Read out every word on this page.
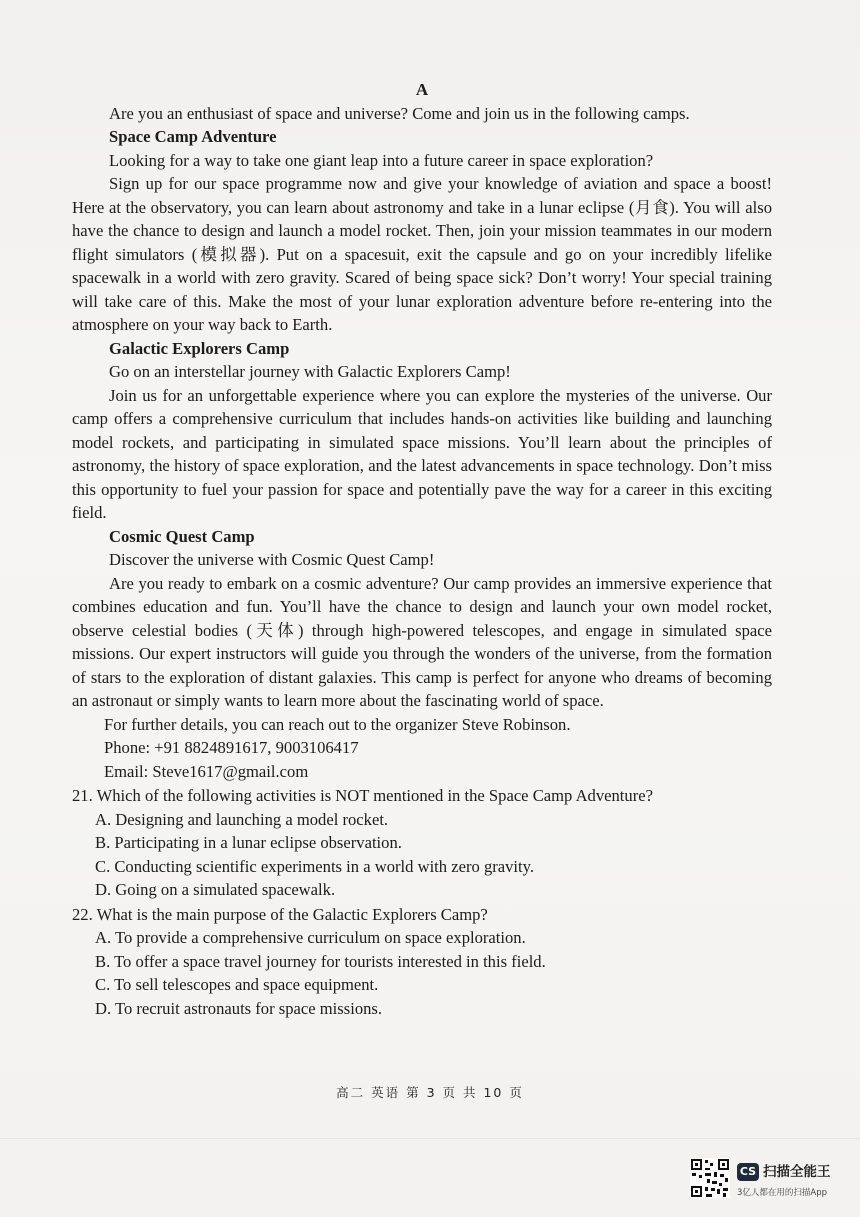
A

Are you an enthusiast of space and universe? Come and join us in the following camps.

Space Camp Adventure

Looking for a way to take one giant leap into a future career in space exploration?

Sign up for our space programme now and give your knowledge of aviation and space a boost! Here at the observatory, you can learn about astronomy and take in a lunar eclipse (月食). You will also have the chance to design and launch a model rocket. Then, join your mission teammates in our modern flight simulators (模拟器). Put on a spacesuit, exit the capsule and go on your incredibly lifelike spacewalk in a world with zero gravity. Scared of being space sick? Don’t worry! Your special training will take care of this. Make the most of your lunar exploration adventure before re-entering into the atmosphere on your way back to Earth.

Galactic Explorers Camp

Go on an interstellar journey with Galactic Explorers Camp!

Join us for an unforgettable experience where you can explore the mysteries of the universe. Our camp offers a comprehensive curriculum that includes hands-on activities like building and launching model rockets, and participating in simulated space missions. You’ll learn about the principles of astronomy, the history of space exploration, and the latest advancements in space technology. Don’t miss this opportunity to fuel your passion for space and potentially pave the way for a career in this exciting field.

Cosmic Quest Camp

Discover the universe with Cosmic Quest Camp!

Are you ready to embark on a cosmic adventure? Our camp provides an immersive experience that combines education and fun. You’ll have the chance to design and launch your own model rocket, observe celestial bodies (天体) through high-powered telescopes, and engage in simulated space missions. Our expert instructors will guide you through the wonders of the universe, from the formation of stars to the exploration of distant galaxies. This camp is perfect for anyone who dreams of becoming an astronaut or simply wants to learn more about the fascinating world of space.

For further details, you can reach out to the organizer Steve Robinson.

Phone: +91 8824891617, 9003106417

Email: Steve1617@gmail.com

21. Which of the following activities is NOT mentioned in the Space Camp Adventure?

A. Designing and launching a model rocket.

B. Participating in a lunar eclipse observation.

C. Conducting scientific experiments in a world with zero gravity.

D. Going on a simulated spacewalk.

22. What is the main purpose of the Galactic Explorers Camp?

A. To provide a comprehensive curriculum on space exploration.

B. To offer a space travel journey for tourists interested in this field.

C. To sell telescopes and space equipment.

D. To recruit astronauts for space missions.

高二 英语 第 3 页 共 10 页
CS 扫描全能王
3亿人都在用的扫描App
